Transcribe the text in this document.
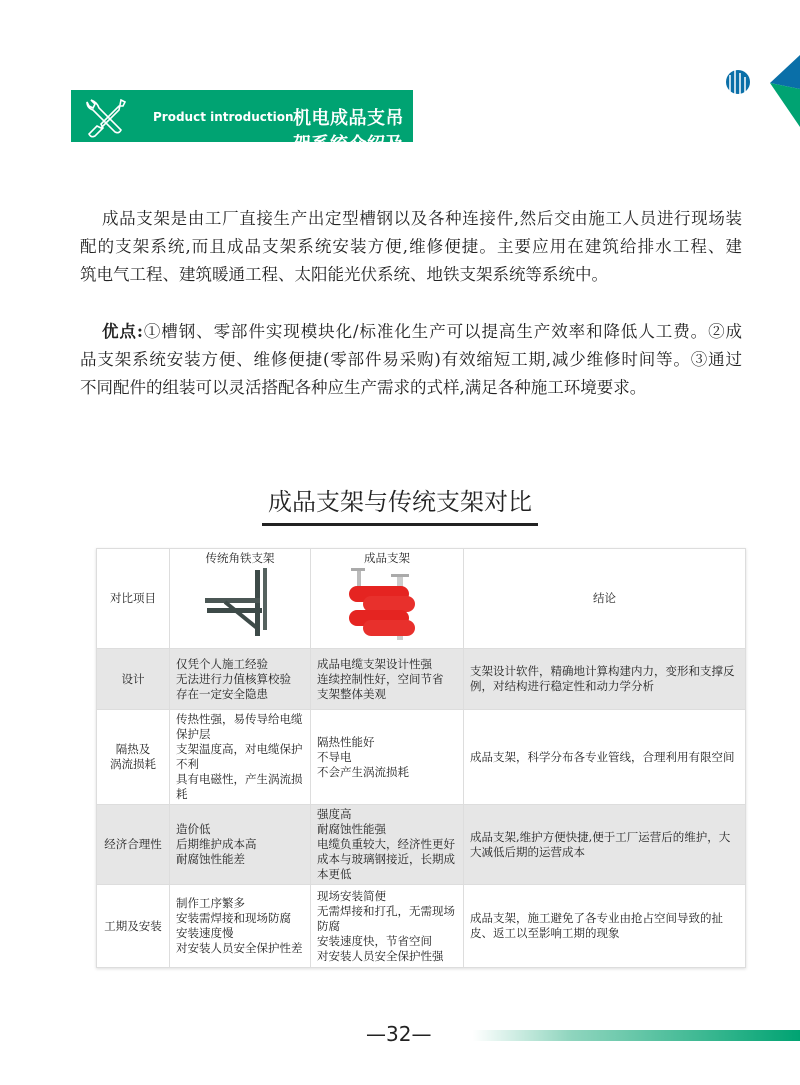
Product introduction 机电成品支吊架系统介绍及优点
成品支架是由工厂直接生产出定型槽钢以及各种连接件,然后交由施工人员进行现场装
配的支架系统,而且成品支架系统安装方便,维修便捷。主要应用在建筑给排水工程、建
筑电气工程、建筑暖通工程、太阳能光伏系统、地铁支架系统等系统中。
优点:①槽钢、零部件实现模块化/标准化生产可以提高生产效率和降低人工费。②成
品支架系统安装方便、维修便捷(零部件易采购)有效缩短工期,减少维修时间等。③通过
不同配件的组装可以灵活搭配各种应生产需求的式样,满足各种施工环境要求。
成品支架与传统支架对比
对比项目	传统角铁支架	成品支架	结论
设计	仅凭个人施工经验
无法进行力值核算校验
存在一定安全隐患	成品电缆支架设计性强
连续控制性好，空间节省
支架整体美观	支架设计软件，精确地计算构建内力，变形和支撑反例，对结构进行稳定性和动力学分析
隔热及
涡流损耗	传热性强，易传导给电缆保护层
支架温度高，对电缆保护不利
具有电磁性，产生涡流损耗	隔热性能好
不导电
不会产生涡流损耗	成品支架，科学分布各专业管线，合理利用有限空间
经济合理性	造价低
后期维护成本高
耐腐蚀性能差	强度高
耐腐蚀性能强
电缆负重较大，经济性更好
成本与玻璃钢接近，长期成本更低	成品支架,维护方便快捷,便于工厂运营后的维护，大大减低后期的运营成本
工期及安装	制作工序繁多
安装需焊接和现场防腐
安装速度慢
对安装人员安全保护性差	现场安装简便
无需焊接和打孔，无需现场防腐
安装速度快，节省空间
对安装人员安全保护性强	成品支架，施工避免了各专业由抢占空间导致的扯皮、返工以至影响工期的现象
—32—
